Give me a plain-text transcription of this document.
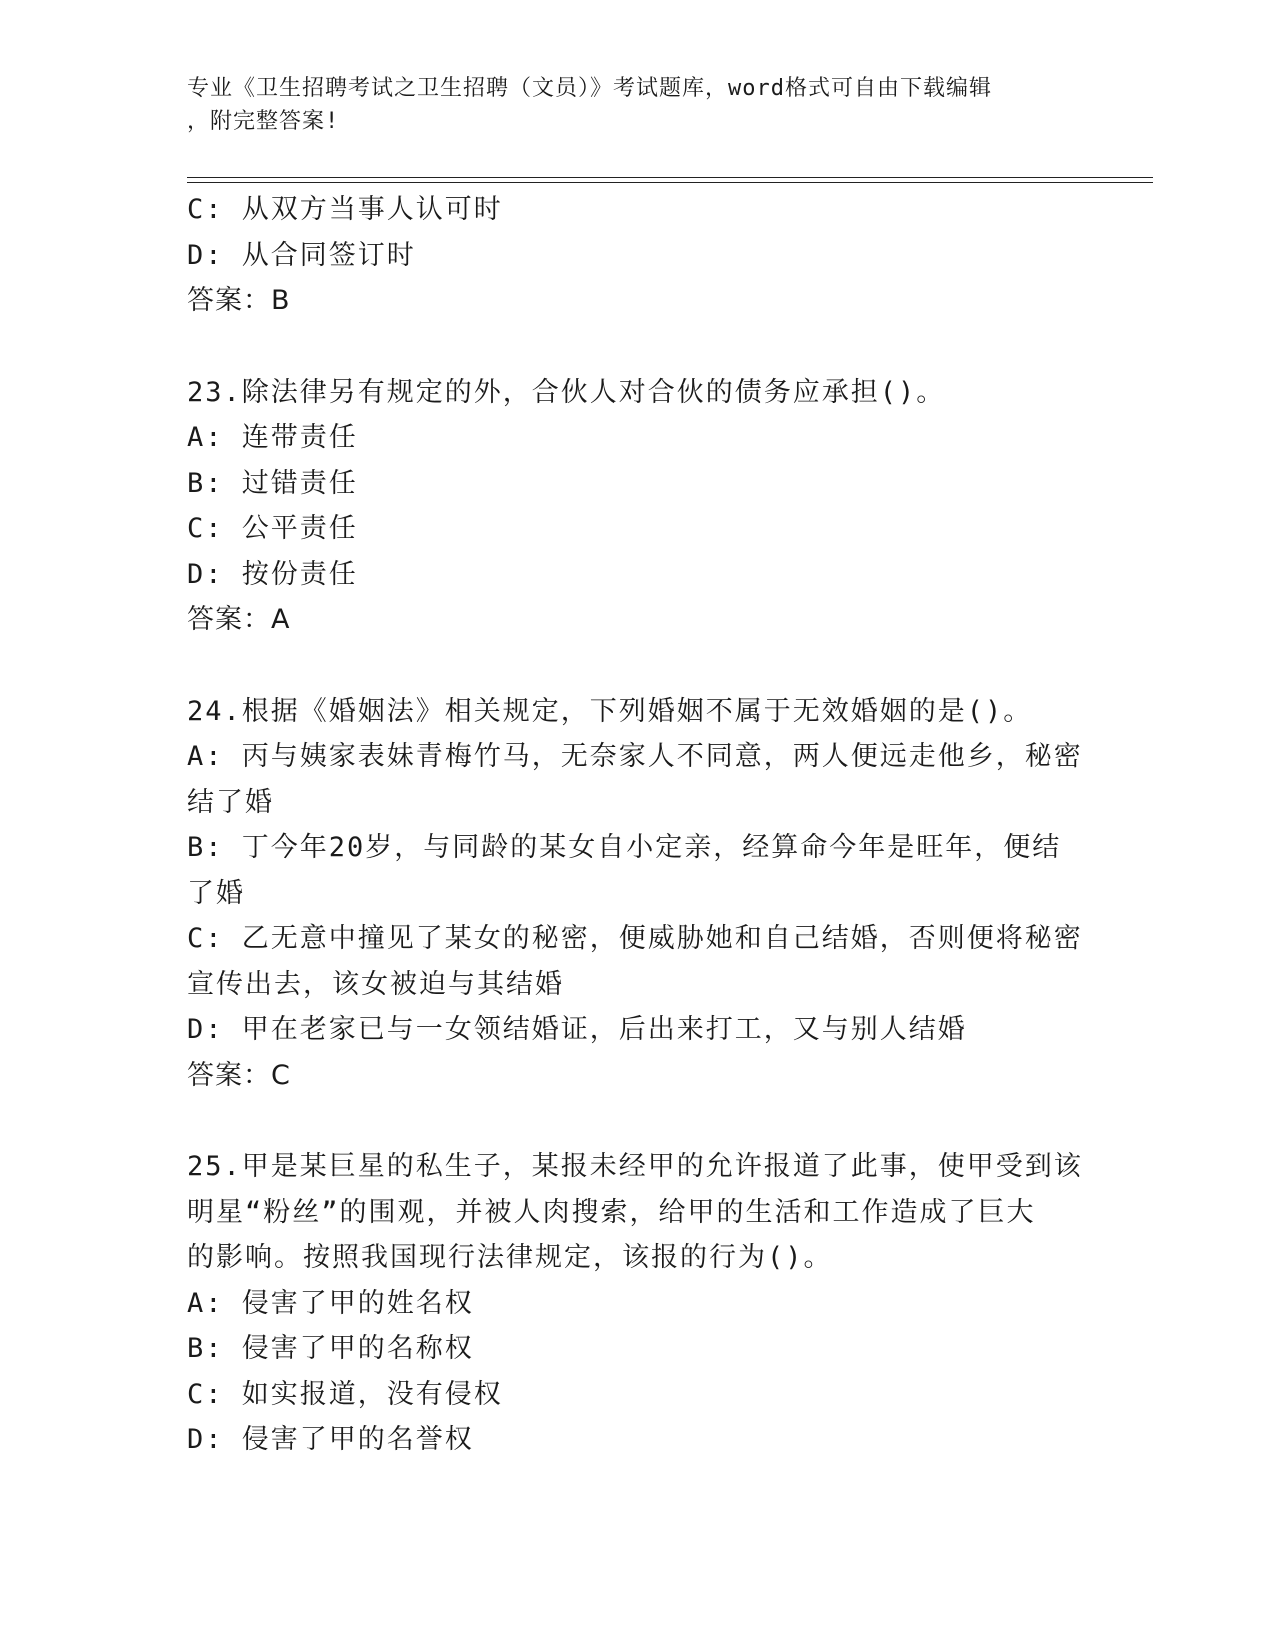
专业《卫生招聘考试之卫生招聘（文员）》考试题库，word格式可自由下载编辑
，附完整答案!
C: 从双方当事人认可时
D: 从合同签订时
答案：B
23.除法律另有规定的外，合伙人对合伙的债务应承担()。
A: 连带责任
B: 过错责任
C: 公平责任
D: 按份责任
答案：A
24.根据《婚姻法》相关规定，下列婚姻不属于无效婚姻的是()。
A: 丙与姨家表妹青梅竹马，无奈家人不同意，两人便远走他乡，秘密
结了婚
B: 丁今年20岁，与同龄的某女自小定亲，经算命今年是旺年，便结
了婚
C: 乙无意中撞见了某女的秘密，便威胁她和自己结婚，否则便将秘密
宣传出去，该女被迫与其结婚
D: 甲在老家已与一女领结婚证，后出来打工，又与别人结婚
答案：C
25.甲是某巨星的私生子，某报未经甲的允许报道了此事，使甲受到该
明星“粉丝”的围观，并被人肉搜索，给甲的生活和工作造成了巨大
的影响。按照我国现行法律规定，该报的行为()。
A: 侵害了甲的姓名权
B: 侵害了甲的名称权
C: 如实报道，没有侵权
D: 侵害了甲的名誉权
